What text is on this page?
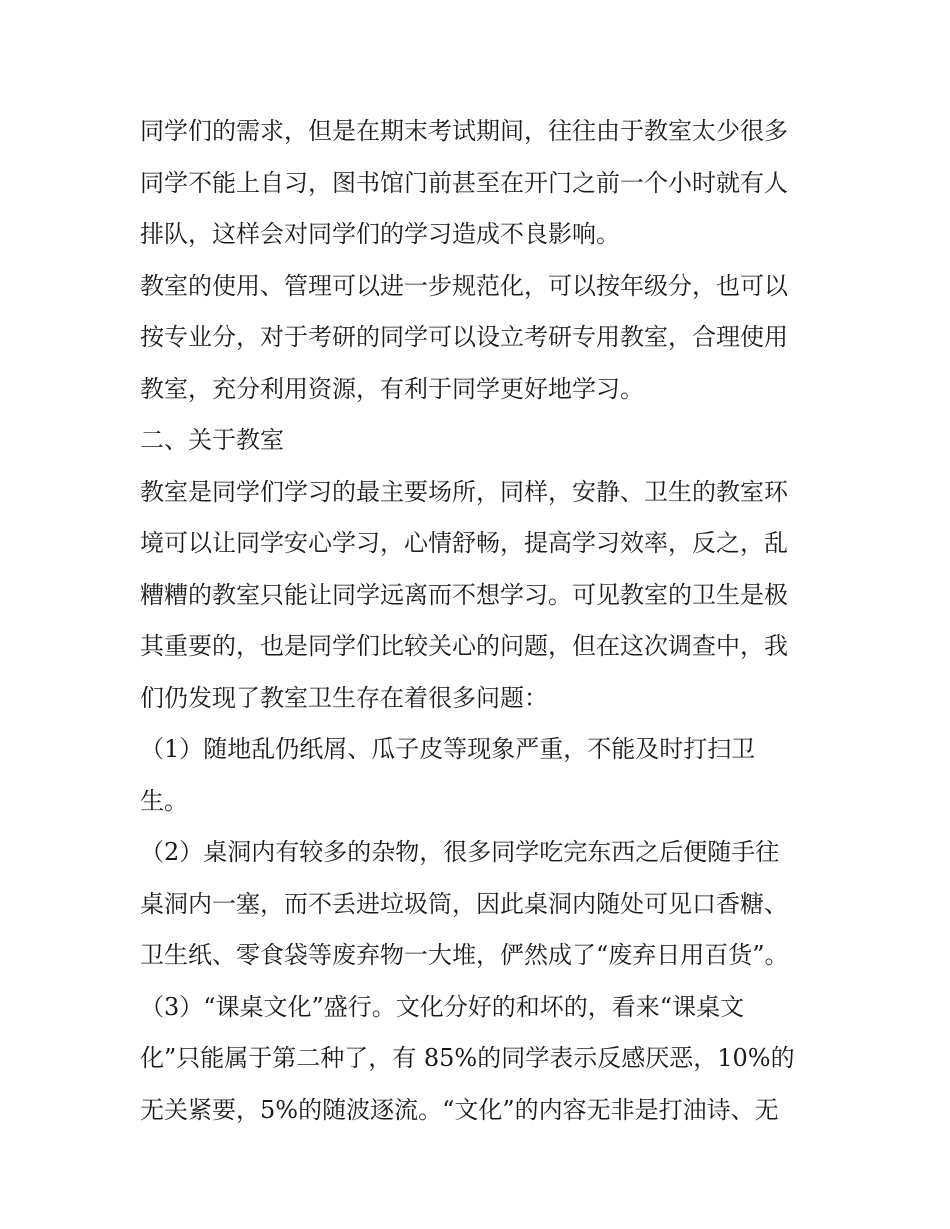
同学们的需求，但是在期末考试期间，往往由于教室太少很多
同学不能上自习，图书馆门前甚至在开门之前一个小时就有人
排队，这样会对同学们的学习造成不良影响。
教室的使用、管理可以进一步规范化，可以按年级分，也可以
按专业分，对于考研的同学可以设立考研专用教室，合理使用
教室，充分利用资源，有利于同学更好地学习。
二、关于教室
教室是同学们学习的最主要场所，同样，安静、卫生的教室环
境可以让同学安心学习，心情舒畅，提高学习效率，反之，乱
糟糟的教室只能让同学远离而不想学习。可见教室的卫生是极
其重要的，也是同学们比较关心的问题，但在这次调查中，我
们仍发现了教室卫生存在着很多问题：
（1）随地乱仍纸屑、瓜子皮等现象严重，不能及时打扫卫
生。
（2）桌洞内有较多的杂物，很多同学吃完东西之后便随手往
桌洞内一塞，而不丢进垃圾筒，因此桌洞内随处可见口香糖、
卫生纸、零食袋等废弃物一大堆，俨然成了“废弃日用百货”。
（3）“课桌文化”盛行。文化分好的和坏的，看来“课桌文
化”只能属于第二种了，有 85%的同学表示反感厌恶，10%的
无关紧要，5%的随波逐流。“文化”的内容无非是打油诗、无
